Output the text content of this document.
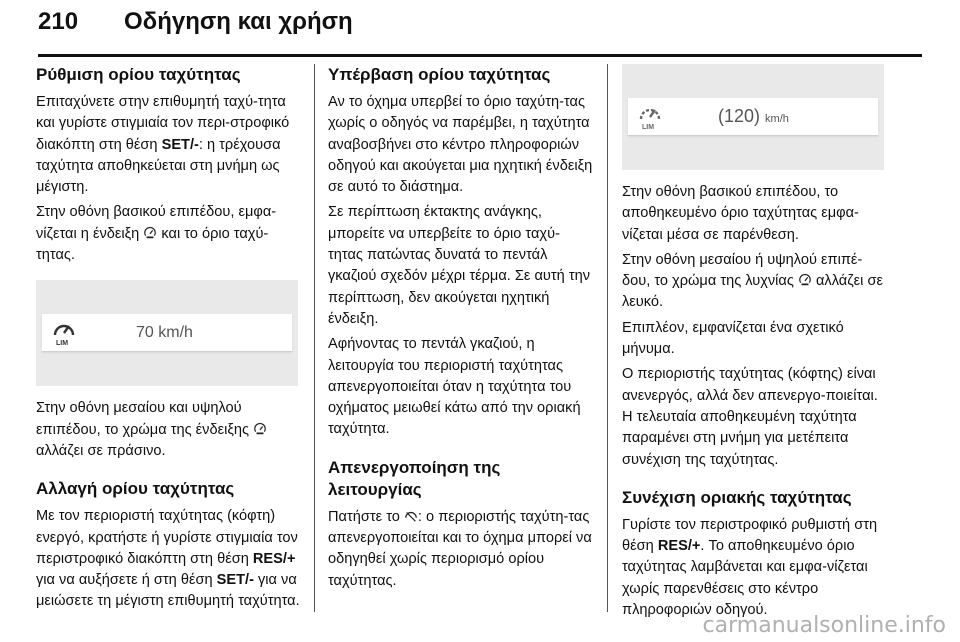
210 Οδήγηση και χρήση
Ρύθμιση ορίου ταχύτητας

Επιταχύνετε στην επιθυμητή ταχύ-τητα και γυρίστε στιγμιαία τον περι-στροφικό διακόπτη στη θέση SET/-: η τρέχουσα ταχύτητα αποθηκεύεται στη μνήμη ως μέγιστη.

Στην οθόνη βασικού επιπέδου, εμφα-νίζεται η ένδειξη  και το όριο ταχύ-τητας.

LIM
70 km/h

Στην οθόνη μεσαίου και υψηλού επιπέδου, το χρώμα της ένδειξης  αλλάζει σε πράσινο.

Αλλαγή ορίου ταχύτητας

Με τον περιοριστή ταχύτητας (κόφτη) ενεργό, κρατήστε ή γυρίστε στιγμιαία τον περιστροφικό διακόπτη στη θέση RES/+ για να αυξήσετε ή στη θέση SET/- για να μειώσετε τη μέγιστη επιθυμητή ταχύτητα.

Υπέρβαση ορίου ταχύτητας

Αν το όχημα υπερβεί το όριο ταχύτη-τας χωρίς ο οδηγός να παρέμβει, η ταχύτητα αναβοσβήνει στο κέντρο πληροφοριών οδηγού και ακούγεται μια ηχητική ένδειξη σε αυτό το διάστημα.

Σε περίπτωση έκτακτης ανάγκης, μπορείτε να υπερβείτε το όριο ταχύ-τητας πατώντας δυνατά το πεντάλ γκαζιού σχεδόν μέχρι τέρμα. Σε αυτή την περίπτωση, δεν ακούγεται ηχητική ένδειξη.

Αφήνοντας το πεντάλ γκαζιού, η λειτουργία του περιοριστή ταχύτητας απενεργοποιείται όταν η ταχύτητα του οχήματος μειωθεί κάτω από την οριακή ταχύτητα.

Απενεργοποίηση της λειτουργίας

Πατήστε το : ο περιοριστής ταχύτη-τας απενεργοποιείται και το όχημα μπορεί να οδηγηθεί χωρίς περιορισμό ορίου ταχύτητας.

LIM
(120) km/h

Στην οθόνη βασικού επιπέδου, το αποθηκευμένο όριο ταχύτητας εμφα-νίζεται μέσα σε παρένθεση.

Στην οθόνη μεσαίου ή υψηλού επιπέ-δου, το χρώμα της λυχνίας  αλλάζει σε λευκό.

Επιπλέον, εμφανίζεται ένα σχετικό μήνυμα.

Ο περιοριστής ταχύτητας (κόφτης) είναι ανενεργός, αλλά δεν απενεργο-ποιείται. Η τελευταία αποθηκευμένη ταχύτητα παραμένει στη μνήμη για μετέπειτα συνέχιση της ταχύτητας.

Συνέχιση οριακής ταχύτητας

Γυρίστε τον περιστροφικό ρυθμιστή στη θέση RES/+. Το αποθηκευμένο όριο ταχύτητας λαμβάνεται και εμφα-νίζεται χωρίς παρενθέσεις στο κέντρο πληροφοριών οδηγού.

carmanualsonline.info
